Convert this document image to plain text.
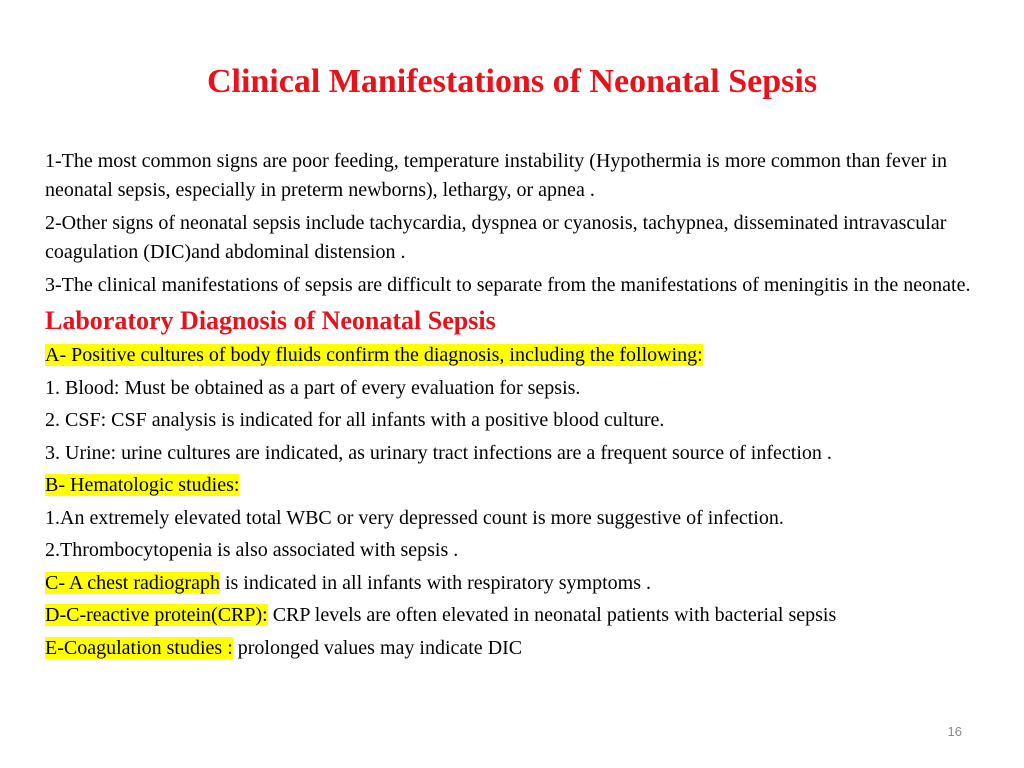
Clinical Manifestations of Neonatal Sepsis

1-The most common signs are poor feeding, temperature instability (Hypothermia is more common than fever in neonatal sepsis, especially in preterm newborns), lethargy, or apnea .

2-Other signs of neonatal sepsis include tachycardia, dyspnea or cyanosis, tachypnea, disseminated intravascular coagulation (DIC)and abdominal distension .

3-The clinical manifestations of sepsis are difficult to separate from the manifestations of meningitis in the neonate.

Laboratory Diagnosis of Neonatal Sepsis

A- Positive cultures of body fluids confirm the diagnosis, including the following:

1. Blood: Must be obtained as a part of every evaluation for sepsis.

2. CSF: CSF analysis is indicated for all infants with a positive blood culture.

3. Urine: urine cultures are indicated, as urinary tract infections are a frequent source of infection .

B- Hematologic studies:

1.An extremely elevated total WBC or very depressed count is more suggestive of infection.

2.Thrombocytopenia is also associated with sepsis .

C- A chest radiograph is indicated in all infants with respiratory symptoms .

D-C-reactive protein(CRP): CRP levels are often elevated in neonatal patients with bacterial sepsis

E-Coagulation studies : prolonged values may indicate DIC

16
